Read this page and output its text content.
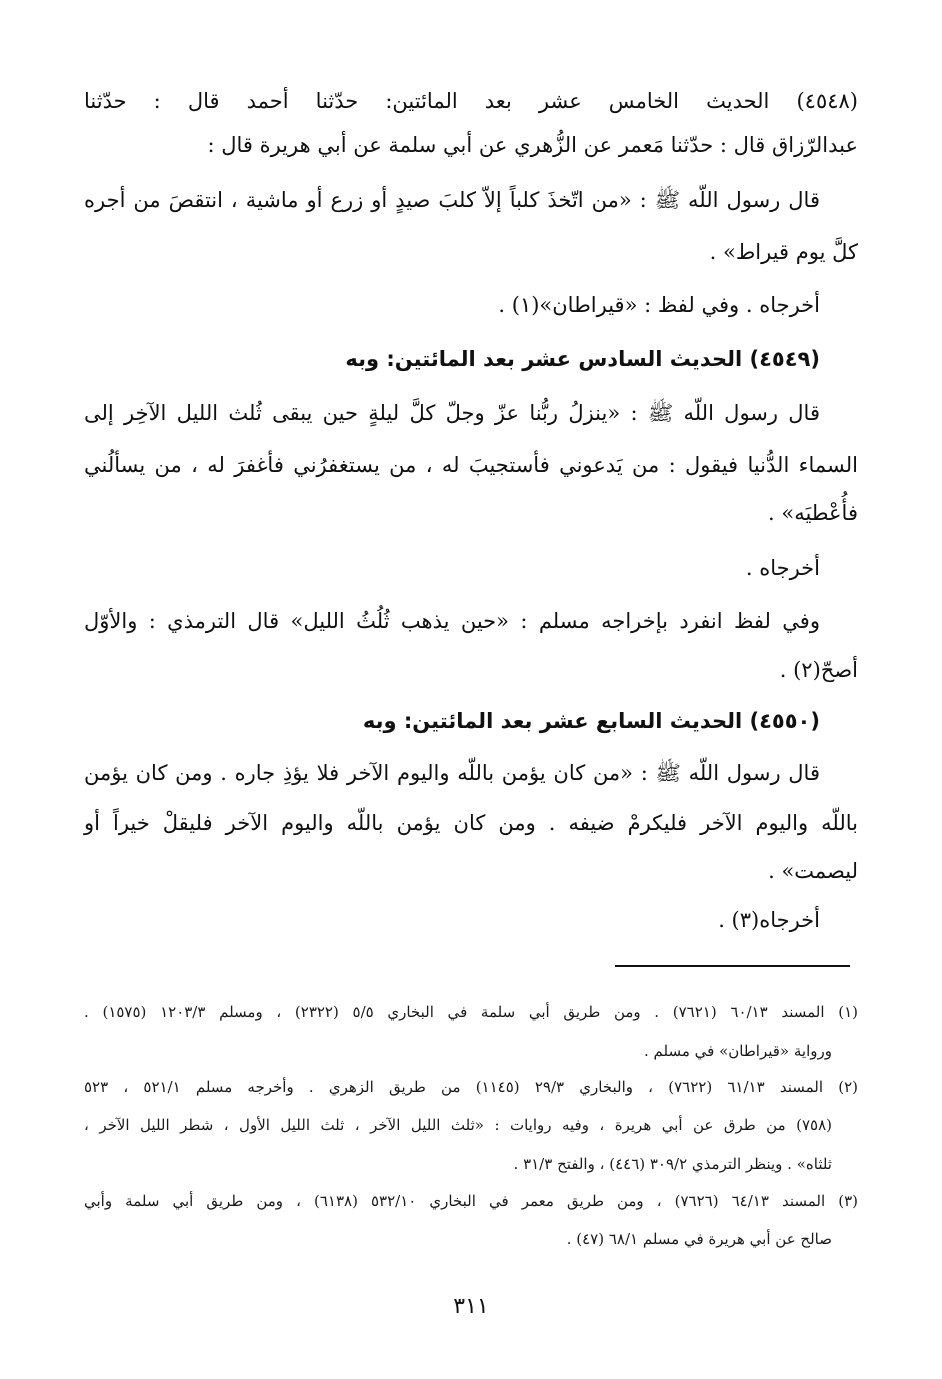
(٤٥٤٨) الحديث الخامس عشر بعد المائتين: حدّثنا أحمد قال : حدّثنا
عبدالرّزاق قال : حدّثنا مَعمر عن الزُّهري عن أبي سلمة عن أبي هريرة قال :
قال رسول اللّه ﷺ : «من اتّخذَ كلباً إلاّ كلبَ صيدٍ أو زرع أو ماشية ، انتقصَ من أجره
كلَّ يوم قيراط» .
أخرجاه . وفي لفظ : «قيراطان»(١) .
(٤٥٤٩) الحديث السادس عشر بعد المائتين: وبه
قال رسول اللّه ﷺ : «ينزلُ ربُّنا عزّ وجلّ كلَّ ليلةٍ حين يبقى ثُلث الليل الآخِر إلى
السماء الدُّنيا فيقول : من يَدعوني فأستجيبَ له ، من يستغفرُني فأغفرَ له ، من يسألُني
فأُعْطيَه» .
أخرجاه .
وفي لفظ انفرد بإخراجه مسلم : «حين يذهب ثُلُثُ الليل» قال الترمذي : والأوّل
أصحّ(٢) .
(٤٥٥٠) الحديث السابع عشر بعد المائتين: وبه
قال رسول اللّه ﷺ : «من كان يؤمن باللّه واليوم الآخر فلا يؤذِ جاره . ومن كان يؤمن
باللّه واليوم الآخر فليكرمْ ضيفه . ومن كان يؤمن باللّه واليوم الآخر فليقلْ خيراً أو
ليصمت» .
أخرجاه(٣) .
(١) المسند ٦٠/١٣ (٧٦٢١) . ومن طريق أبي سلمة في البخاري ٥/٥ (٢٣٢٢) ، ومسلم ١٢٠٣/٣ (١٥٧٥) .
ورواية «قيراطان» في مسلم .
(٢) المسند ٦١/١٣ (٧٦٢٢) ، والبخاري ٢٩/٣ (١١٤٥) من طريق الزهري . وأخرجه مسلم ٥٢١/١ ، ٥٢٣
(٧٥٨) من طرق عن أبي هريرة ، وفيه روايات : «ثلث الليل الآخر ، ثلث الليل الأول ، شطر الليل الآخر ،
ثلثاه» . وينظر الترمذي ٣٠٩/٢ (٤٤٦) ، والفتح ٣١/٣ .
(٣) المسند ٦٤/١٣ (٧٦٢٦) ، ومن طريق معمر في البخاري ٥٣٢/١٠ (٦١٣٨) ، ومن طريق أبي سلمة وأبي
صالح عن أبي هريرة في مسلم ٦٨/١ (٤٧) .
٣١١
